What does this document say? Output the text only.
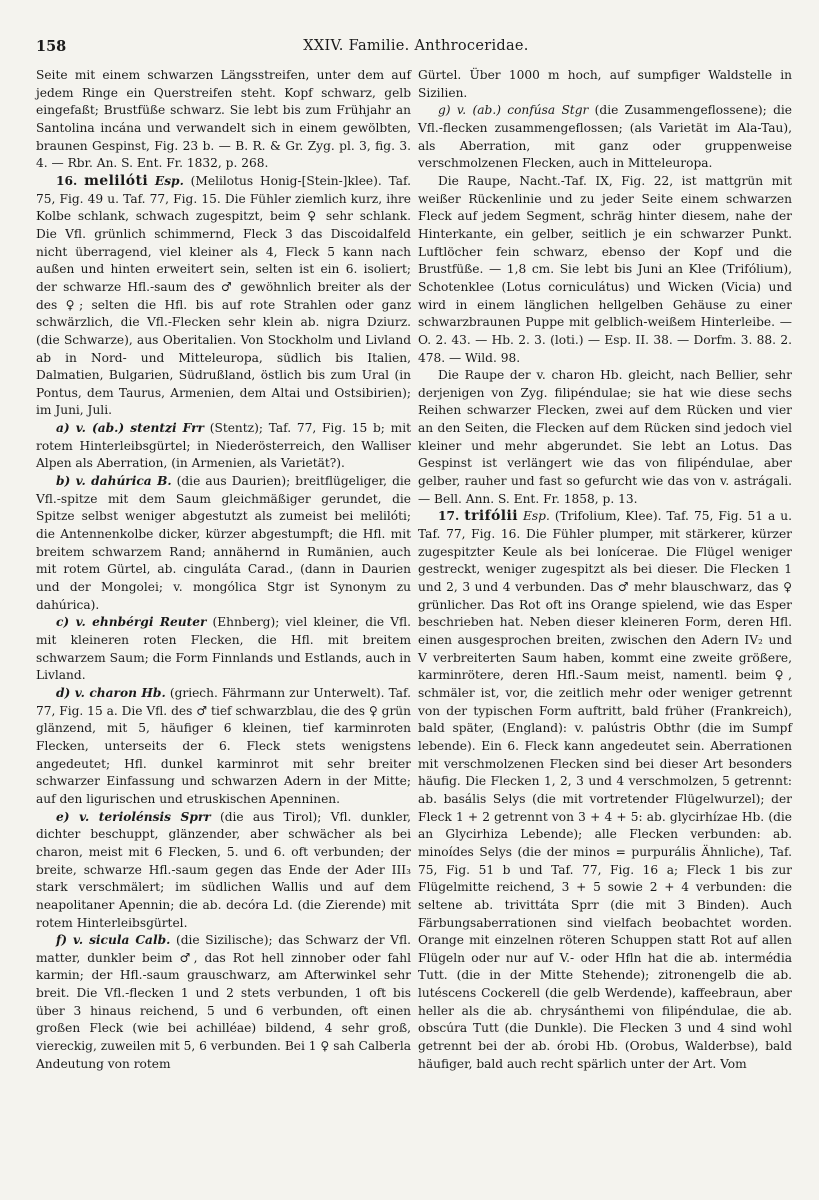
158	XXIV. Familie. Anthroceridae.

Seite mit einem schwarzen Längsstreifen, unter dem auf jedem Ringe ein Querstreifen steht. Kopf schwarz, gelb eingefaßt; Brustfüße schwarz. Sie lebt bis zum Frühjahr an Santolina incána und verwandelt sich in einem gewölbten, braunen Gespinst, Fig. 23 b. — B. R. & Gr. Zyg. pl. 3, fig. 3. 4. — Rbr. An. S. Ent. Fr. 1832, p. 268.

16. melilóti Esp. (Melilotus Honig-[Stein-]klee). Taf. 75, Fig. 49 u. Taf. 77, Fig. 15. Die Fühler ziemlich kurz, ihre Kolbe schlank, schwach zugespitzt, beim ♀ sehr schlank. Die Vfl. grünlich schimmernd, Fleck 3 das Discoidalfeld nicht überragend, viel kleiner als 4, Fleck 5 kann nach außen und hinten erweitert sein, selten ist ein 6. isoliert; der schwarze Hfl.-saum des ♂ gewöhnlich breiter als der des ♀; selten die Hfl. bis auf rote Strahlen oder ganz schwärzlich, die Vfl.-Flecken sehr klein ab. nigra Dziurz. (die Schwarze), aus Oberitalien. Von Stockholm und Livland ab in Nord- und Mitteleuropa, südlich bis Italien, Dalmatien, Bulgarien, Südrußland, östlich bis zum Ural (in Pontus, dem Taurus, Armenien, dem Altai und Ostsibirien); im Juni, Juli.

a) v. (ab.) stentzi Frr (Stentz); Taf. 77, Fig. 15 b; mit rotem Hinterleibsgürtel; in Niederösterreich, den Walliser Alpen als Aberration, (in Armenien, als Varietät?).

b) v. dahúrica B. (die aus Daurien); breitflügeliger, die Vfl.-spitze mit dem Saum gleichmäßiger gerundet, die Spitze selbst weniger abgestutzt als zumeist bei melilóti; die Antennenkolbe dicker, kürzer abgestumpft; die Hfl. mit breitem schwarzem Rand; annähernd in Rumänien, auch mit rotem Gürtel, ab. cinguláta Carad., (dann in Daurien und der Mongolei; v. mongólica Stgr ist Synonym zu dahúrica).

c) v. ehnbérgi Reuter (Ehnberg); viel kleiner, die Vfl. mit kleineren roten Flecken, die Hfl. mit breitem schwarzem Saum; die Form Finnlands und Estlands, auch in Livland.

d) v. charon Hb. (griech. Fährmann zur Unterwelt). Taf. 77, Fig. 15 a. Die Vfl. des ♂ tief schwarzblau, die des ♀ grün glänzend, mit 5, häufiger 6 kleinen, tief karminroten Flecken, unterseits der 6. Fleck stets wenigstens angedeutet; Hfl. dunkel karminrot mit sehr breiter schwarzer Einfassung und schwarzen Adern in der Mitte; auf den ligurischen und etruskischen Apenninen.

e) v. teriolénsis Sprr (die aus Tirol); Vfl. dunkler, dichter beschuppt, glänzender, aber schwächer als bei charon, meist mit 6 Flecken, 5. und 6. oft verbunden; der breite, schwarze Hfl.-saum gegen das Ende der Ader III₃ stark verschmälert; im südlichen Wallis und auf dem neapolitaner Apennin; die ab. decóra Ld. (die Zierende) mit rotem Hinterleibsgürtel.

f) v. sicula Calb. (die Sizilische); das Schwarz der Vfl. matter, dunkler beim ♂, das Rot hell zinnober oder fahl karmin; der Hfl.-saum grauschwarz, am Afterwinkel sehr breit. Die Vfl.-flecken 1 und 2 stets verbunden, 1 oft bis über 3 hinaus reichend, 5 und 6 verbunden, oft einen großen Fleck (wie bei achilléae) bildend, 4 sehr groß, viereckig, zuweilen mit 5, 6 verbunden. Bei 1 ♀ sah Calberla Andeutung von rotem

Gürtel. Über 1000 m hoch, auf sumpfiger Waldstelle in Sizilien.

g) v. (ab.) confúsa Stgr (die Zusammengeflossene); die Vfl.-flecken zusammengeflossen; (als Varietät im Ala-Tau), als Aberration, mit ganz oder gruppenweise verschmolzenen Flecken, auch in Mitteleuropa.

Die Raupe, Nacht.-Taf. IX, Fig. 22, ist mattgrün mit weißer Rückenlinie und zu jeder Seite einem schwarzen Fleck auf jedem Segment, schräg hinter diesem, nahe der Hinterkante, ein gelber, seitlich je ein schwarzer Punkt. Luftlöcher fein schwarz, ebenso der Kopf und die Brustfüße. — 1,8 cm. Sie lebt bis Juni an Klee (Trifólium), Schotenklee (Lotus corniculátus) und Wicken (Vicia) und wird in einem länglichen hellgelben Gehäuse zu einer schwarzbraunen Puppe mit gelblich-weißem Hinterleibe. — O. 2. 43. — Hb. 2. 3. (loti.) — Esp. II. 38. — Dorfm. 3. 88. 2. 478. — Wild. 98.

Die Raupe der v. charon Hb. gleicht, nach Bellier, sehr derjenigen von Zyg. filipéndulae; sie hat wie diese sechs Reihen schwarzer Flecken, zwei auf dem Rücken und vier an den Seiten, die Flecken auf dem Rücken sind jedoch viel kleiner und mehr abgerundet. Sie lebt an Lotus. Das Gespinst ist verlängert wie das von filipéndulae, aber gelber, rauher und fast so gefurcht wie das von v. astrágali. — Bell. Ann. S. Ent. Fr. 1858, p. 13.

17. trifólii Esp. (Trifolium, Klee). Taf. 75, Fig. 51 a u. Taf. 77, Fig. 16. Die Fühler plumper, mit stärkerer, kürzer zugespitzter Keule als bei lonícerae. Die Flügel weniger gestreckt, weniger zugespitzt als bei dieser. Die Flecken 1 und 2, 3 und 4 verbunden. Das ♂ mehr blauschwarz, das ♀ grünlicher. Das Rot oft ins Orange spielend, wie das Esper beschrieben hat. Neben dieser kleineren Form, deren Hfl. einen ausgesprochen breiten, zwischen den Adern IV₂ und V verbreiterten Saum haben, kommt eine zweite größere, karminrötere, deren Hfl.-Saum meist, namentl. beim ♀, schmäler ist, vor, die zeitlich mehr oder weniger getrennt von der typischen Form auftritt, bald früher (Frankreich), bald später, (England): v. palústris Obthr (die im Sumpf lebende). Ein 6. Fleck kann angedeutet sein. Aberrationen mit verschmolzenen Flecken sind bei dieser Art besonders häufig. Die Flecken 1, 2, 3 und 4 verschmolzen, 5 getrennt: ab. basális Selys (die mit vortretender Flügelwurzel); der Fleck 1 + 2 getrennt von 3 + 4 + 5: ab. glycirhízae Hb. (die an Glycirhiza Lebende); alle Flecken verbunden: ab. minoídes Selys (die der minos = purpurális Ähnliche), Taf. 75, Fig. 51 b und Taf. 77, Fig. 16 a; Fleck 1 bis zur Flügelmitte reichend, 3 + 5 sowie 2 + 4 verbunden: die seltene ab. trivittáta Sprr (die mit 3 Binden). Auch Färbungsaberrationen sind vielfach beobachtet worden. Orange mit einzelnen röteren Schuppen statt Rot auf allen Flügeln oder nur auf V.- oder Hfln hat die ab. intermédia Tutt. (die in der Mitte Stehende); zitronengelb die ab. lutéscens Cockerell (die gelb Werdende), kaffeebraun, aber heller als die ab. chrysánthemi von filipéndulae, die ab. obscúra Tutt (die Dunkle). Die Flecken 3 und 4 sind wohl getrennt bei der ab. órobi Hb. (Orobus, Walderbse), bald häufiger, bald auch recht spärlich unter der Art. Vom
